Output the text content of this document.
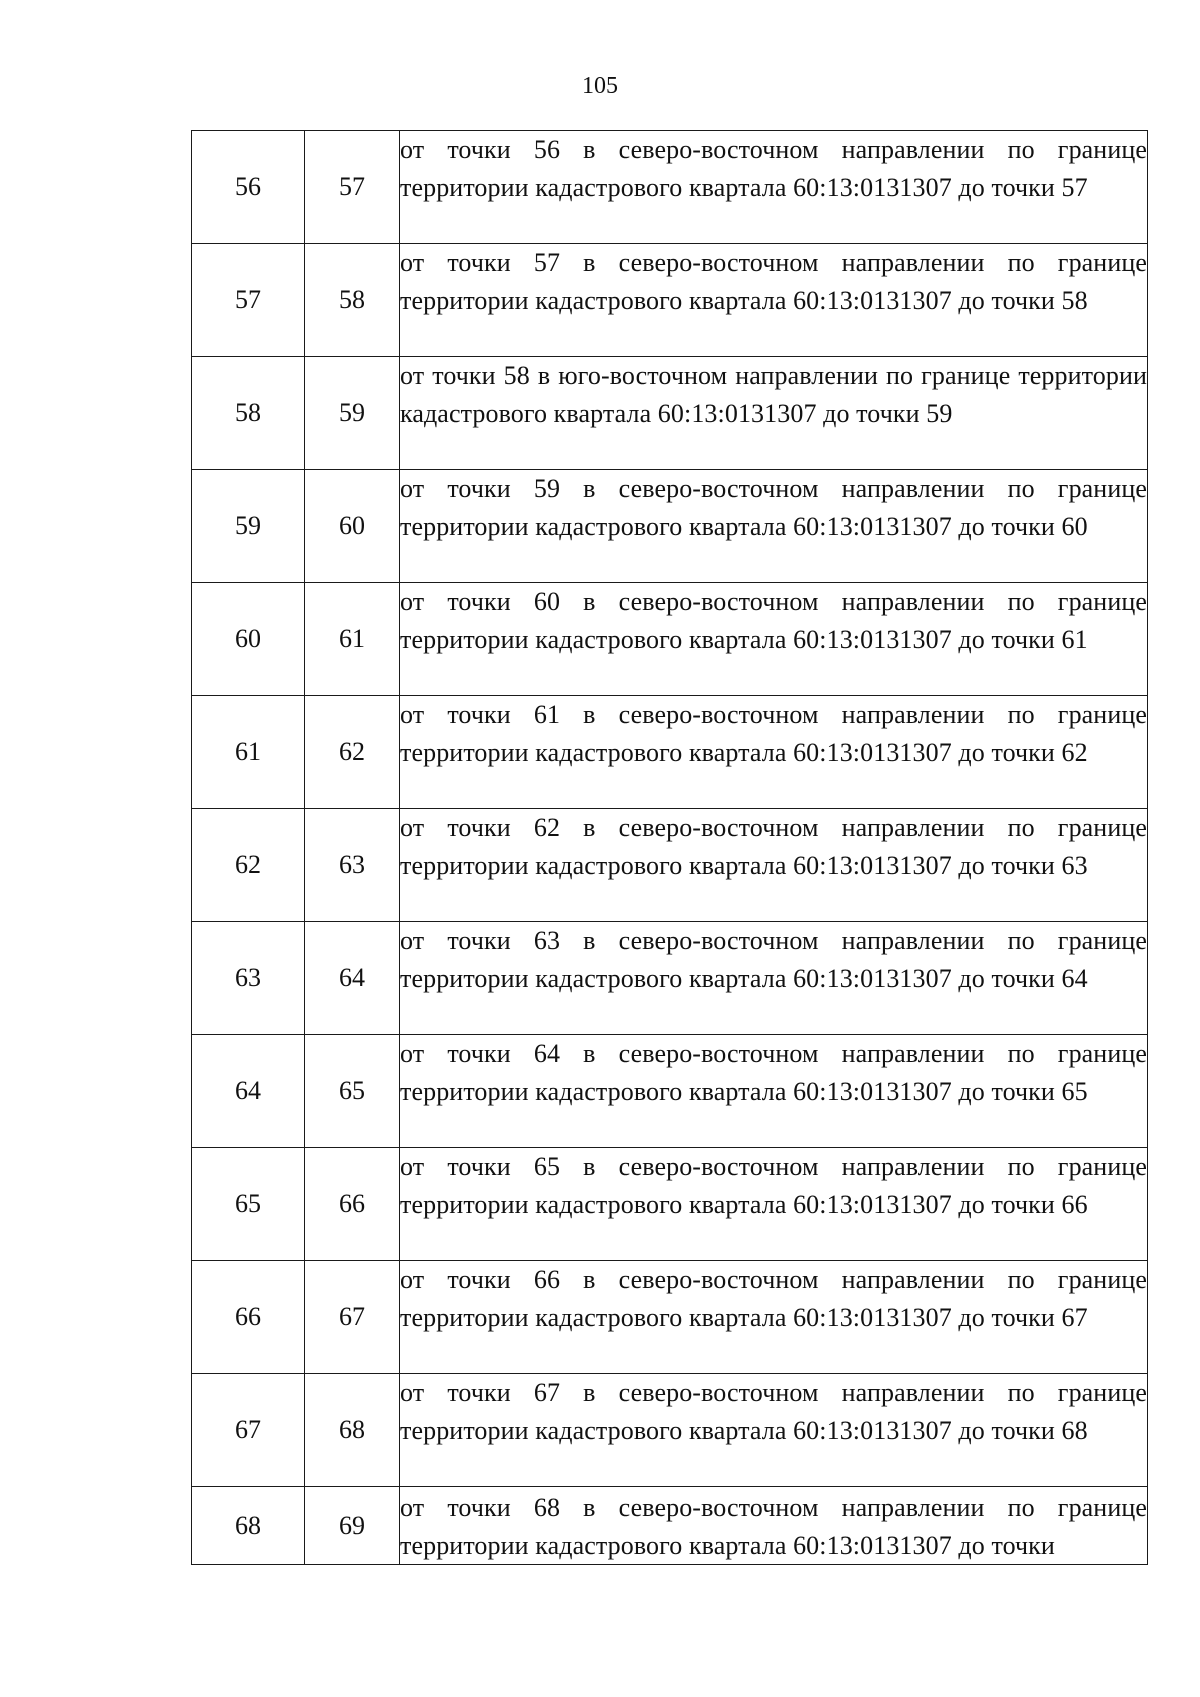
105
56	57	от точки 56 в северо-восточном направлении по границе территории кадастрового квартала 60:13:0131307 до точки 57
57	58	от точки 57 в северо-восточном направлении по границе территории кадастрового квартала 60:13:0131307 до точки 58
58	59	от точки 58 в юго-восточном направлении по границе территории кадастрового квартала 60:13:0131307 до точки 59
59	60	от точки 59 в северо-восточном направлении по границе территории кадастрового квартала 60:13:0131307 до точки 60
60	61	от точки 60 в северо-восточном направлении по границе территории кадастрового квартала 60:13:0131307 до точки 61
61	62	от точки 61 в северо-восточном направлении по границе территории кадастрового квартала 60:13:0131307 до точки 62
62	63	от точки 62 в северо-восточном направлении по границе территории кадастрового квартала 60:13:0131307 до точки 63
63	64	от точки 63 в северо-восточном направлении по границе территории кадастрового квартала 60:13:0131307 до точки 64
64	65	от точки 64 в северо-восточном направлении по границе территории кадастрового квартала 60:13:0131307 до точки 65
65	66	от точки 65 в северо-восточном направлении по границе территории кадастрового квартала 60:13:0131307 до точки 66
66	67	от точки 66 в северо-восточном направлении по границе территории кадастрового квартала 60:13:0131307 до точки 67
67	68	от точки 67 в северо-восточном направлении по границе территории кадастрового квартала 60:13:0131307 до точки 68
68	69	от точки 68 в северо-восточном направлении по границе территории кадастрового квартала 60:13:0131307 до точки
